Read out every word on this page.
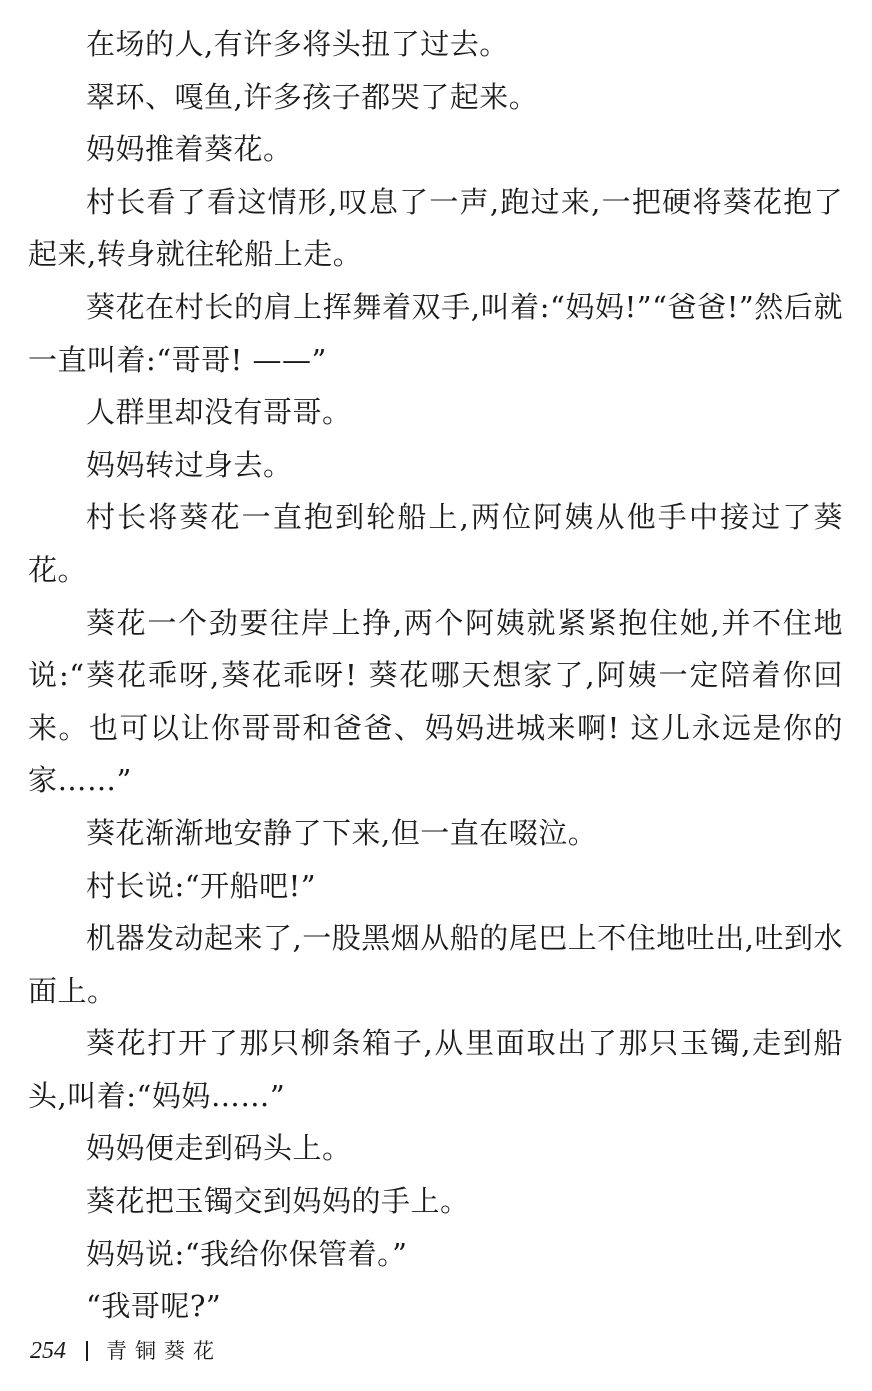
在场的人,有许多将头扭了过去。

翠环、嘎鱼,许多孩子都哭了起来。

妈妈推着葵花。

村长看了看这情形,叹息了一声,跑过来,一把硬将葵花抱了起来,转身就往轮船上走。

葵花在村长的肩上挥舞着双手,叫着:“妈妈!”“爸爸!”然后就一直叫着:“哥哥! ——”

人群里却没有哥哥。

妈妈转过身去。

村长将葵花一直抱到轮船上,两位阿姨从他手中接过了葵花。

葵花一个劲要往岸上挣,两个阿姨就紧紧抱住她,并不住地说:“葵花乖呀,葵花乖呀! 葵花哪天想家了,阿姨一定陪着你回来。也可以让你哥哥和爸爸、妈妈进城来啊! 这儿永远是你的家……”

葵花渐渐地安静了下来,但一直在啜泣。

村长说:“开船吧!”

机器发动起来了,一股黑烟从船的尾巴上不住地吐出,吐到水面上。

葵花打开了那只柳条箱子,从里面取出了那只玉镯,走到船头,叫着:“妈妈……”

妈妈便走到码头上。

葵花把玉镯交到妈妈的手上。

妈妈说:“我给你保管着。”

“我哥呢?”

254 青铜葵花
